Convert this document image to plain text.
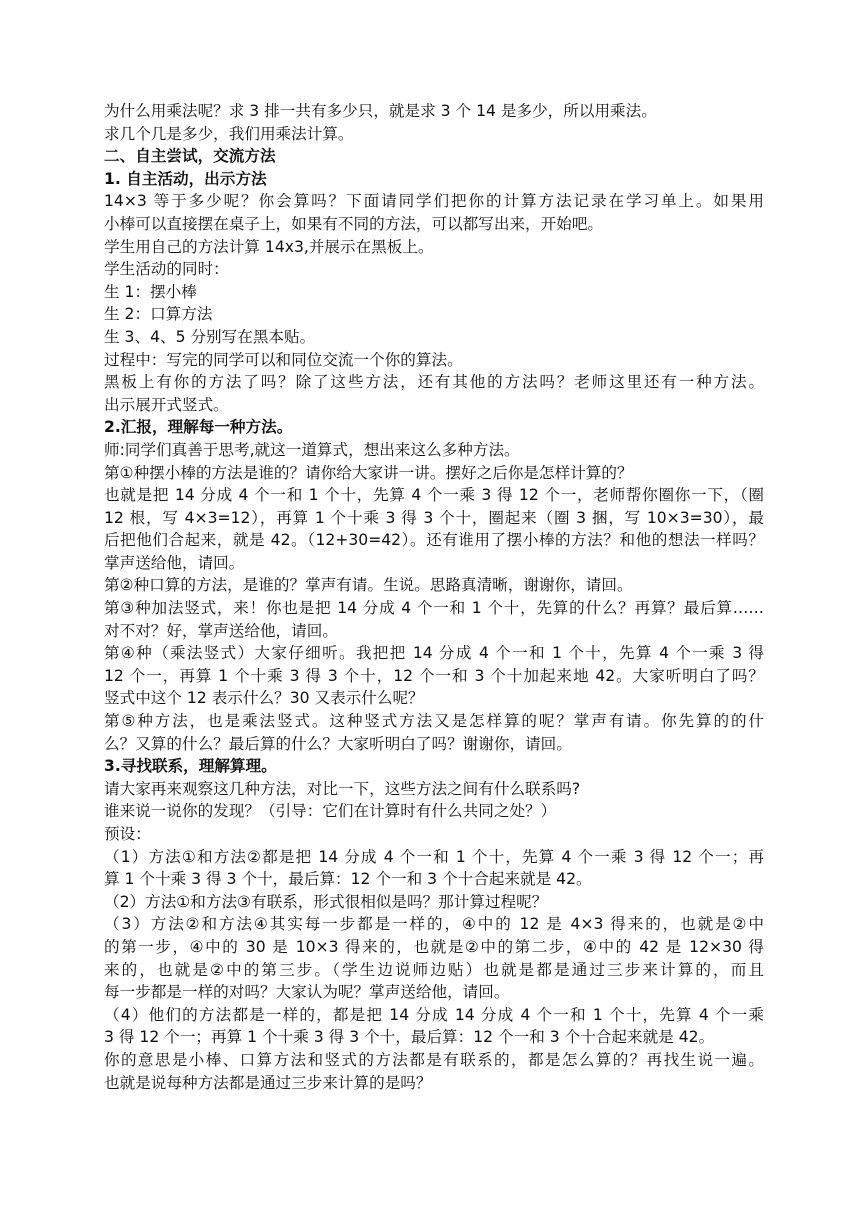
为什么用乘法呢？求 3 排一共有多少只，就是求 3 个 14 是多少，所以用乘法。
求几个几是多少，我们用乘法计算。
二、自主尝试，交流方法
1. 自主活动，出示方法
14×3 等于多少呢？你会算吗？下面请同学们把你的计算方法记录在学习单上。如果用
小棒可以直接摆在桌子上，如果有不同的方法，可以都写出来，开始吧。
学生用自己的方法计算 14x3,并展示在黑板上。
学生活动的同时：
生 1：摆小棒
生 2：口算方法
生 3、4、5 分别写在黑本贴。
过程中：写完的同学可以和同位交流一个你的算法。
黑板上有你的方法了吗？除了这些方法，还有其他的方法吗？老师这里还有一种方法。
出示展开式竖式。
2.汇报，理解每一种方法。
师:同学们真善于思考,就这一道算式，想出来这么多种方法。
第①种摆小棒的方法是谁的？请你给大家讲一讲。摆好之后你是怎样计算的？
也就是把 14 分成 4 个一和 1 个十，先算 4 个一乘 3 得 12 个一，老师帮你圈你一下，（圈
12 根，写 4×3=12），再算 1 个十乘 3 得 3 个十，圈起来（圈 3 捆，写 10×3=30），最
后把他们合起来，就是 42。（12+30=42）。还有谁用了摆小棒的方法？和他的想法一样吗？
掌声送给他，请回。
第②种口算的方法，是谁的？掌声有请。生说。思路真清晰，谢谢你，请回。
第③种加法竖式，来！你也是把 14 分成 4 个一和 1 个十，先算的什么？再算？最后算……
对不对？好，掌声送给他，请回。
第④种（乘法竖式）大家仔细听。我把把 14 分成 4 个一和 1 个十，先算 4 个一乘 3 得
12 个一，再算 1 个十乘 3 得 3 个十，12 个一和 3 个十加起来地 42。大家听明白了吗？
竖式中这个 12 表示什么？30 又表示什么呢？
第⑤种方法，也是乘法竖式。这种竖式方法又是怎样算的呢？掌声有请。你先算的的什
么？又算的什么？最后算的什么？大家听明白了吗？谢谢你，请回。
3.寻找联系，理解算理。
请大家再来观察这几种方法，对比一下，这些方法之间有什么联系吗?
谁来说一说你的发现？（引导：它们在计算时有什么共同之处？）
预设：
（1）方法①和方法②都是把 14 分成 4 个一和 1 个十，先算 4 个一乘 3 得 12 个一；再
算 1 个十乘 3 得 3 个十，最后算：12 个一和 3 个十合起来就是 42。
（2）方法①和方法③有联系，形式很相似是吗？那计算过程呢？
（3）方法②和方法④其实每一步都是一样的，④中的 12 是 4×3 得来的，也就是②中
的第一步，④中的 30 是 10×3 得来的，也就是②中的第二步，④中的 42 是 12×30 得
来的，也就是②中的第三步。（学生边说师边贴）也就是都是通过三步来计算的，而且
每一步都是一样的对吗？大家认为呢？掌声送给他，请回。
（4）他们的方法都是一样的，都是把 14 分成 14 分成 4 个一和 1 个十，先算 4 个一乘
3 得 12 个一；再算 1 个十乘 3 得 3 个十，最后算：12 个一和 3 个十合起来就是 42。
你的意思是小棒、口算方法和竖式的方法都是有联系的，都是怎么算的？再找生说一遍。
也就是说每种方法都是通过三步来计算的是吗？
